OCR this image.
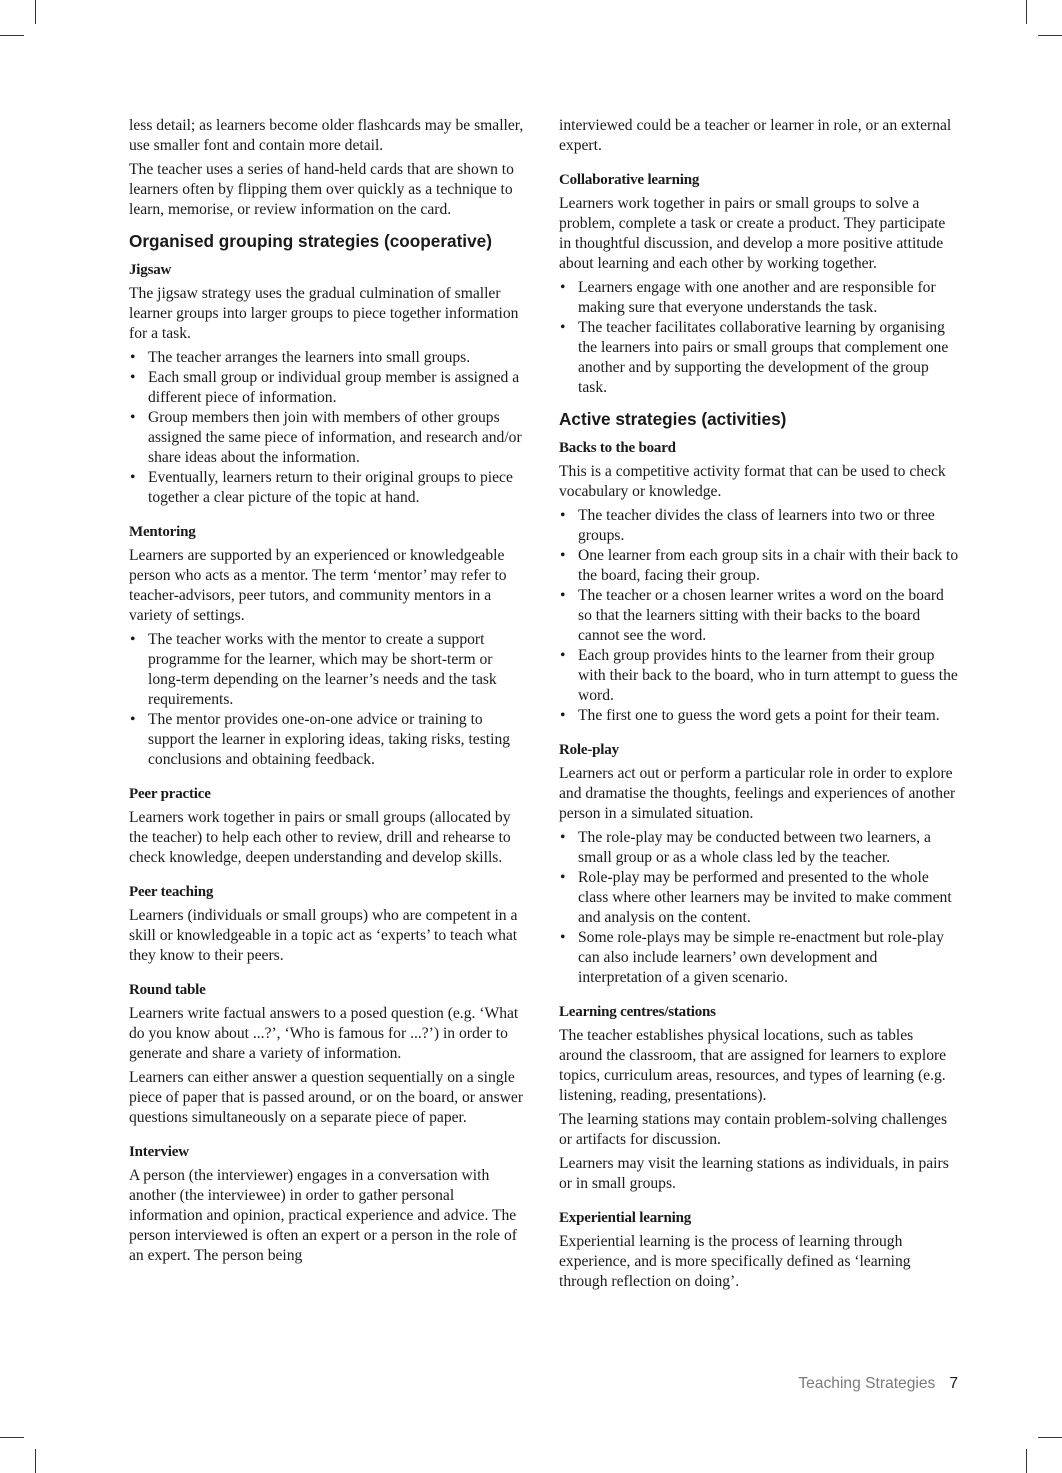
less detail; as learners become older flashcards may be smaller, use smaller font and contain more detail.

The teacher uses a series of hand-held cards that are shown to learners often by flipping them over quickly as a technique to learn, memorise, or review information on the card.

Organised grouping strategies (cooperative)
Jigsaw

The jigsaw strategy uses the gradual culmination of smaller learner groups into larger groups to piece together information for a task.

• The teacher arranges the learners into small groups.
• Each small group or individual group member is assigned a different piece of information.
• Group members then join with members of other groups assigned the same piece of information, and research and/or share ideas about the information.
• Eventually, learners return to their original groups to piece together a clear picture of the topic at hand.
Mentoring

Learners are supported by an experienced or knowledgeable person who acts as a mentor. The term ‘mentor’ may refer to teacher-advisors, peer tutors, and community mentors in a variety of settings.

• The teacher works with the mentor to create a support programme for the learner, which may be short-term or long-term depending on the learner’s needs and the task requirements.
• The mentor provides one-on-one advice or training to support the learner in exploring ideas, taking risks, testing conclusions and obtaining feedback.
Peer practice

Learners work together in pairs or small groups (allocated by the teacher) to help each other to review, drill and rehearse to check knowledge, deepen understanding and develop skills.

Peer teaching

Learners (individuals or small groups) who are competent in a skill or knowledgeable in a topic act as ‘experts’ to teach what they know to their peers.

Round table

Learners write factual answers to a posed question (e.g. ‘What do you know about ...?’, ‘Who is famous for ...?’) in order to generate and share a variety of information.

Learners can either answer a question sequentially on a single piece of paper that is passed around, or on the board, or answer questions simultaneously on a separate piece of paper.

Interview

A person (the interviewer) engages in a conversation with another (the interviewee) in order to gather personal information and opinion, practical experience and advice. The person interviewed is often an expert or a person in the role of an expert. The person being

interviewed could be a teacher or learner in role, or an external expert.

Collaborative learning

Learners work together in pairs or small groups to solve a problem, complete a task or create a product. They participate in thoughtful discussion, and develop a more positive attitude about learning and each other by working together.

• Learners engage with one another and are responsible for making sure that everyone understands the task.
• The teacher facilitates collaborative learning by organising the learners into pairs or small groups that complement one another and by supporting the development of the group task.
Active strategies (activities)
Backs to the board

This is a competitive activity format that can be used to check vocabulary or knowledge.

• The teacher divides the class of learners into two or three groups.
• One learner from each group sits in a chair with their back to the board, facing their group.
• The teacher or a chosen learner writes a word on the board so that the learners sitting with their backs to the board cannot see the word.
• Each group provides hints to the learner from their group with their back to the board, who in turn attempt to guess the word.
• The first one to guess the word gets a point for their team.
Role-play

Learners act out or perform a particular role in order to explore and dramatise the thoughts, feelings and experiences of another person in a simulated situation.

• The role-play may be conducted between two learners, a small group or as a whole class led by the teacher.
• Role-play may be performed and presented to the whole class where other learners may be invited to make comment and analysis on the content.
• Some role-plays may be simple re-enactment but role-play can also include learners’ own development and interpretation of a given scenario.
Learning centres/stations

The teacher establishes physical locations, such as tables around the classroom, that are assigned for learners to explore topics, curriculum areas, resources, and types of learning (e.g. listening, reading, presentations).

The learning stations may contain problem-solving challenges or artifacts for discussion.

Learners may visit the learning stations as individuals, in pairs or in small groups.

Experiential learning

Experiential learning is the process of learning through experience, and is more specifically defined as ‘learning through reflection on doing’.

Teaching Strategies 7
